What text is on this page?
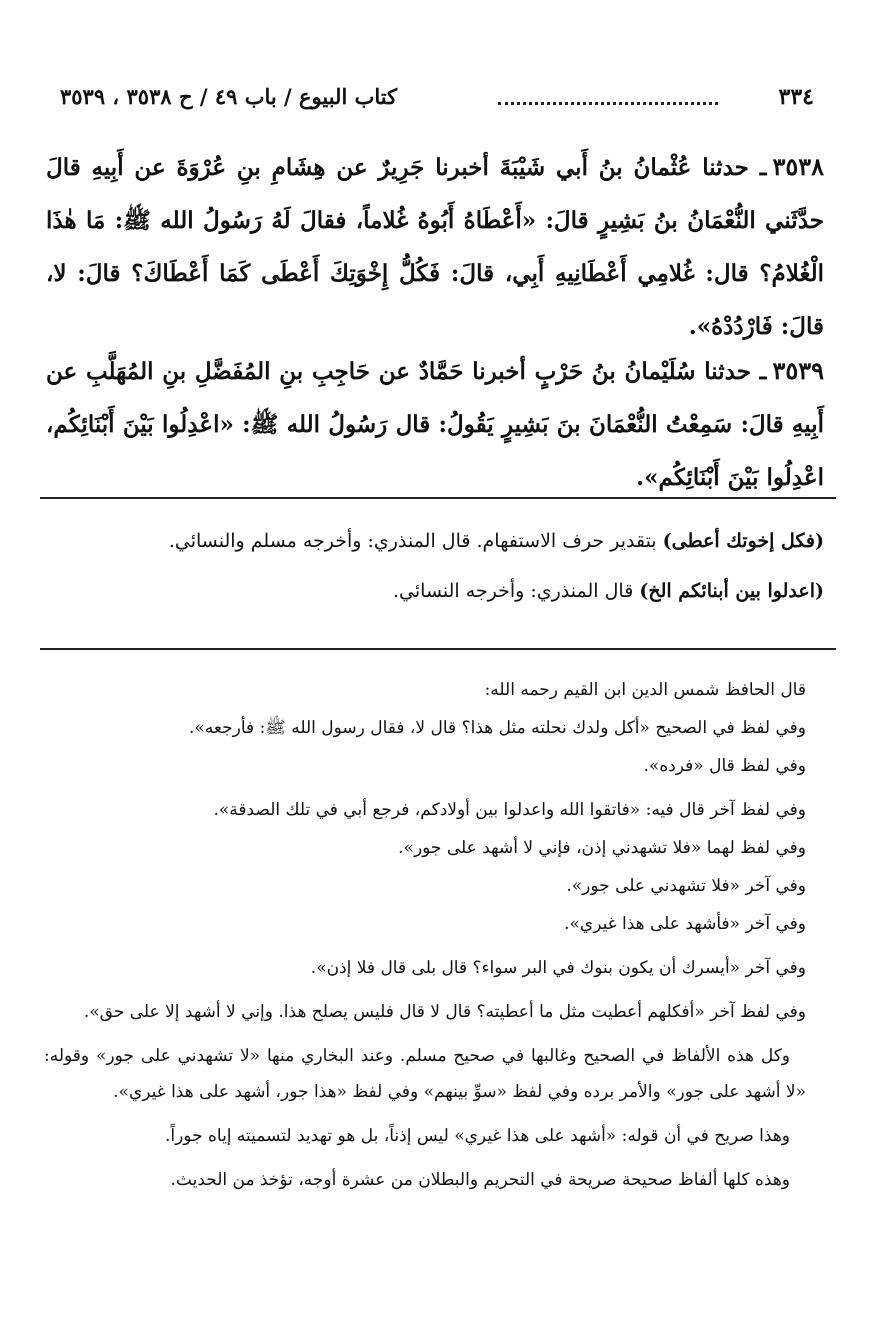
٣٣٤
كتاب البيوع / باب ٤٩ / ح ٣٥٣٨ ، ٣٥٣٩
٣٥٣٨ـ حدثنا عُثْمانُ بنُ أَبي شَيْبَةَ أخبرنا جَرِيرٌ عن هِشَامِ بنِ عُرْوَةَ عن أَبِيهِ قالَ حدَّثَني النُّعْمَانُ بنُ بَشِيرٍ قالَ: «أَعْطَاهُ أَبُوهُ غُلاماً، فقالَ لَهُ رَسُولُ الله ﷺ: مَا هٰذَا الْغُلامُ؟ قال: غُلامِي أَعْطَانِيهِ أَبِي، قالَ: فَكُلُّ إِخْوَتِكَ أَعْطَى كَمَا أَعْطَاكَ؟ قالَ: لا، قالَ: فَارْدُدْهُ».
٣٥٣٩ـ حدثنا سُلَيْمانُ بنُ حَرْبٍ أخبرنا حَمَّادٌ عن حَاجِبِ بنِ المُفَضَّلِ بنِ المُهَلَّبِ عن أَبِيهِ قالَ: سَمِعْتُ النُّعْمَانَ بنَ بَشِيرٍ يَقُولُ: قال رَسُولُ الله ﷺ: «اعْدِلُوا بَيْنَ أَبْنَائِكُم، اعْدِلُوا بَيْنَ أَبْنَائِكُم».

(فكل إخوتك أعطى) بتقدير حرف الاستفهام. قال المنذري: وأخرجه مسلم والنسائي.

(اعدلوا بين أبنائكم الخ) قال المنذري: وأخرجه النسائي.

قال الحافظ شمس الدين ابن القيم رحمه الله:

وفي لفظ في الصحيح «أكل ولدك نحلته مثل هذا؟ قال لا، فقال رسول الله ﷺ: فأرجعه».

وفي لفظ قال «فرده».

وفي لفظ آخر قال فيه: «فاتقوا الله واعدلوا بين أولادكم، فرجع أبي في تلك الصدقة».

وفي لفظ لهما «فلا تشهدني إذن، فإني لا أشهد على جور».

وفي آخر «فلا تشهدني على جور».

وفي آخر «فأشهد على هذا غيري».

وفي آخر «أيسرك أن يكون بنوك في البر سواء؟ قال بلى قال فلا إذن».

وفي لفظ آخر «أفكلهم أعطيت مثل ما أعطيته؟ قال لا قال فليس يصلح هذا. وإني لا أشهد إلا على حق».

وكل هذه الألفاظ في الصحيح وغالبها في صحيح مسلم. وعند البخاري منها «لا تشهدني على جور» وقوله: «لا أشهد على جور» والأمر برده وفي لفظ «سوِّ بينهم» وفي لفظ «هذا جور، أشهد على هذا غيري».

وهذا صريح في أن قوله: «أشهد على هذا غيري» ليس إذناً، بل هو تهديد لتسميته إياه جوراً.

وهذه كلها ألفاظ صحيحة صريحة في التحريم والبطلان من عشرة أوجه، تؤخذ من الحديث.
